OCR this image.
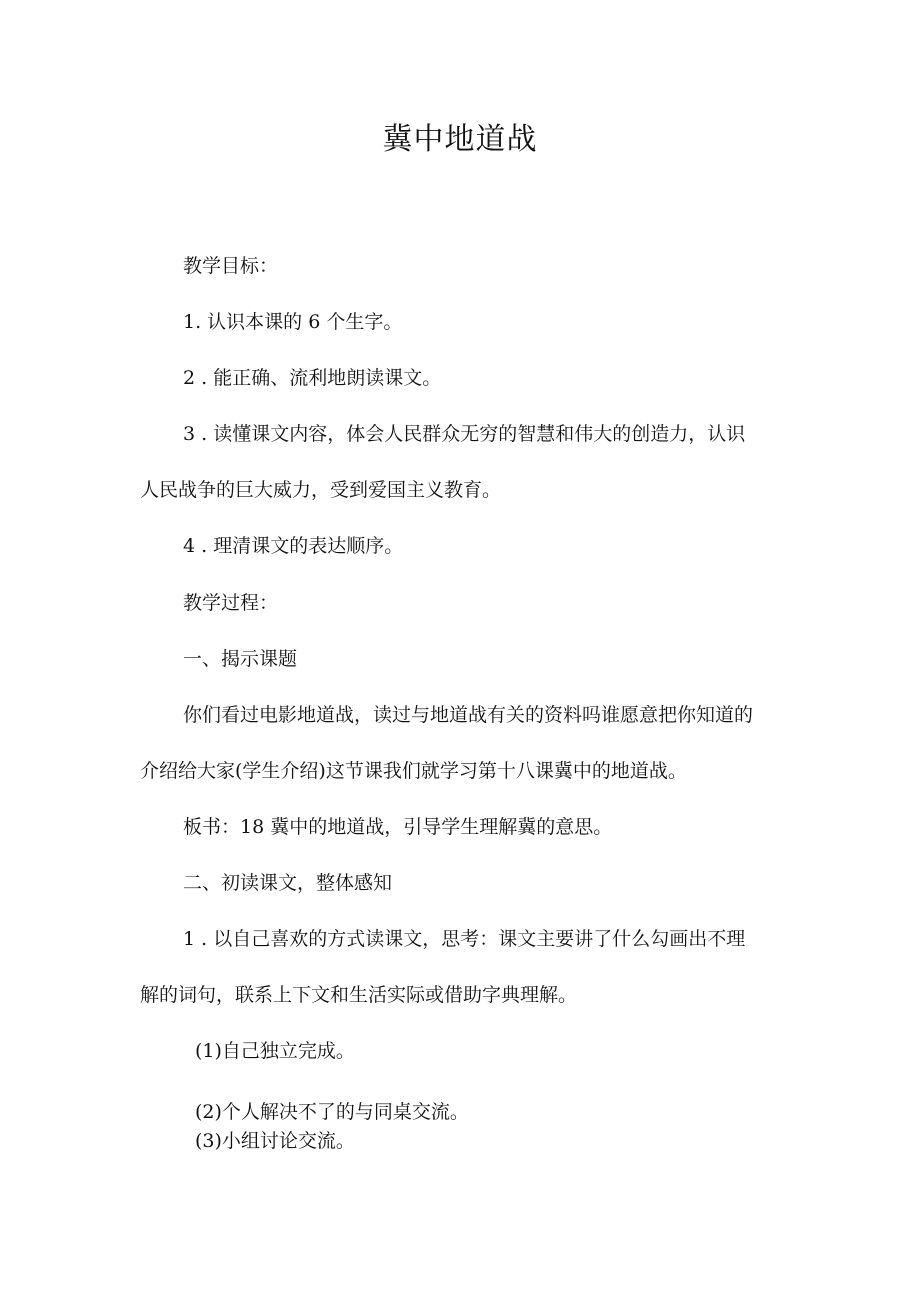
冀中地道战

教学目标：

1. 认识本课的 6 个生字。

2 . 能正确、流利地朗读课文。

3 . 读懂课文内容，体会人民群众无穷的智慧和伟大的创造力，认识

人民战争的巨大威力，受到爱国主义教育。

4 . 理清课文的表达顺序。

教学过程：

一、揭示课题

你们看过电影地道战，读过与地道战有关的资料吗谁愿意把你知道的

介绍给大家(学生介绍)这节课我们就学习第十八课冀中的地道战。

板书：18 冀中的地道战，引导学生理解冀的意思。

二、初读课文，整体感知

1 . 以自己喜欢的方式读课文，思考：课文主要讲了什么勾画出不理

解的词句，联系上下文和生活实际或借助字典理解。

(1)自己独立完成。

(2)个人解决不了的与同桌交流。

(3)小组讨论交流。
